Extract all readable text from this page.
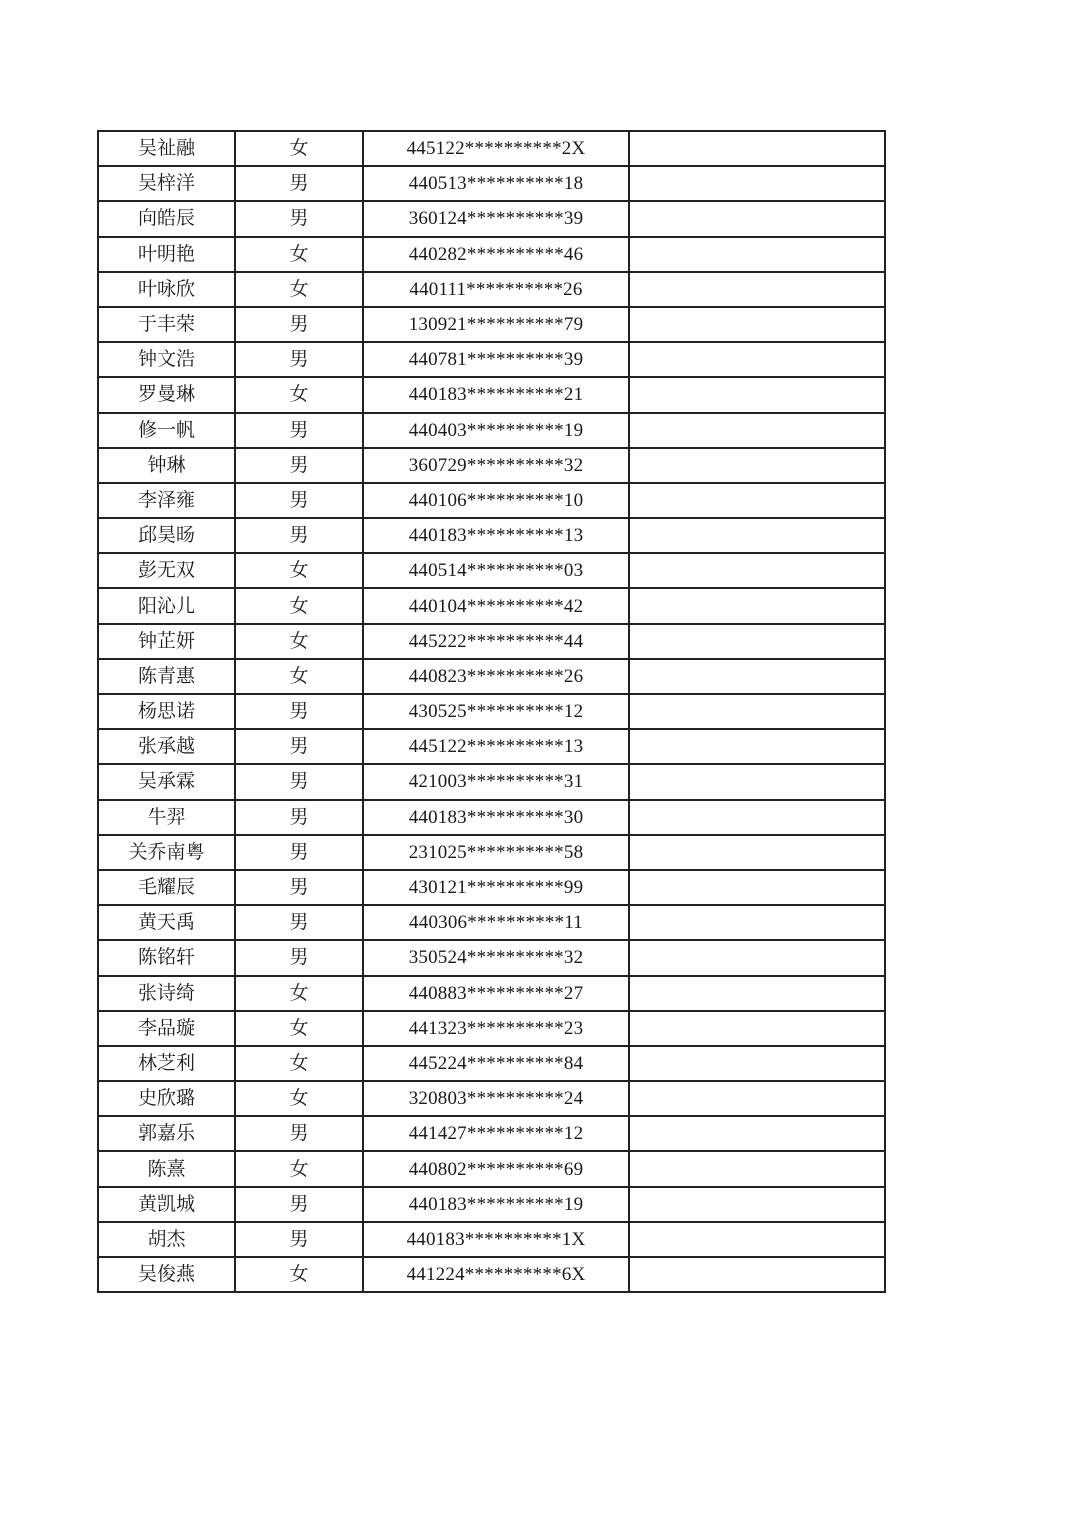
吴祉融	女	445122**********2X	
吴梓洋	男	440513**********18	
向皓辰	男	360124**********39	
叶明艳	女	440282**********46	
叶咏欣	女	440111**********26	
于丰荣	男	130921**********79	
钟文浩	男	440781**********39	
罗曼琳	女	440183**********21	
修一帆	男	440403**********19	
钟琳	男	360729**********32	
李泽雍	男	440106**********10	
邱昊旸	男	440183**********13	
彭无双	女	440514**********03	
阳沁儿	女	440104**********42	
钟芷妍	女	445222**********44	
陈青惠	女	440823**********26	
杨思诺	男	430525**********12	
张承越	男	445122**********13	
吴承霖	男	421003**********31	
牛羿	男	440183**********30	
关乔南粤	男	231025**********58	
毛耀辰	男	430121**********99	
黄天禹	男	440306**********11	
陈铭轩	男	350524**********32	
张诗绮	女	440883**********27	
李品璇	女	441323**********23	
林芝利	女	445224**********84	
史欣璐	女	320803**********24	
郭嘉乐	男	441427**********12	
陈熹	女	440802**********69	
黄凯城	男	440183**********19	
胡杰	男	440183**********1X	
吴俊燕	女	441224**********6X	
